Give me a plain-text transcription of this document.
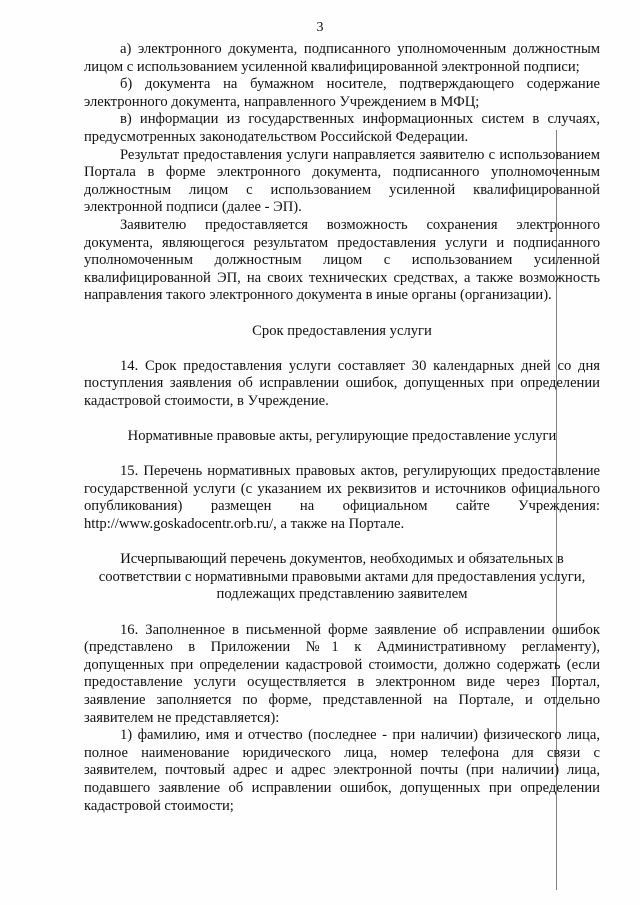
3

а) электронного документа, подписанного уполномоченным должностным лицом с использованием усиленной квалифицированной электронной подписи;

б) документа на бумажном носителе, подтверждающего содержание электронного документа, направленного Учреждением в МФЦ;

в) информации из государственных информационных систем в случаях, предусмотренных законодательством Российской Федерации.

Результат предоставления услуги направляется заявителю с использованием Портала в форме электронного документа, подписанного уполномоченным должностным лицом с использованием усиленной квалифицированной электронной подписи (далее - ЭП).

Заявителю предоставляется возможность сохранения электронного документа, являющегося результатом предоставления услуги и подписанного уполномоченным должностным лицом с использованием усиленной квалифицированной ЭП, на своих технических средствах, а также возможность направления такого электронного документа в иные органы (организации).

Срок предоставления услуги

14. Срок предоставления услуги составляет 30 календарных дней со дня поступления заявления об исправлении ошибок, допущенных при определении кадастровой стоимости, в Учреждение.

Нормативные правовые акты, регулирующие предоставление услуги

15. Перечень нормативных правовых актов, регулирующих предоставление государственной услуги (с указанием их реквизитов и источников официального опубликования) размещен на официальном сайте Учреждения: http://www.goskadocentr.orb.ru/, а также на Портале.

Исчерпывающий перечень документов, необходимых и обязательных в соответствии с нормативными правовыми актами для предоставления услуги, подлежащих представлению заявителем

16. Заполненное в письменной форме заявление об исправлении ошибок (представлено в Приложении №1 к Административному регламенту), допущенных при определении кадастровой стоимости, должно содержать (если предоставление услуги осуществляется в электронном виде через Портал, заявление заполняется по форме, представленной на Портале, и отдельно заявителем не представляется):

1) фамилию, имя и отчество (последнее - при наличии) физического лица, полное наименование юридического лица, номер телефона для связи с заявителем, почтовый адрес и адрес электронной почты (при наличии) лица, подавшего заявление об исправлении ошибок, допущенных при определении кадастровой стоимости;
